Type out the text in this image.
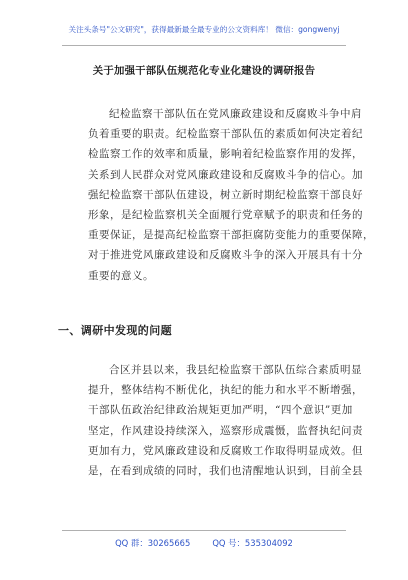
关注头条号"公文研究"，获得最新最全最专业的公文资料库！ 微信：gongwenyj
关于加强干部队伍规范化专业化建设的调研报告
纪检监察干部队伍在党风廉政建设和反腐败斗争中肩
负着重要的职责。纪检监察干部队伍的素质如何决定着纪
检监察工作的效率和质量，影响着纪检监察作用的发挥，
关系到人民群众对党风廉政建设和反腐败斗争的信心。加
强纪检监察干部队伍建设，树立新时期纪检监察干部良好
形象，是纪检监察机关全面履行党章赋予的职责和任务的
重要保证，是提高纪检监察干部拒腐防变能力的重要保障，
对于推进党风廉政建设和反腐败斗争的深入开展具有十分
重要的意义。
一、调研中发现的问题
合区并县以来，我县纪检监察干部队伍综合素质明显
提升，整体结构不断优化，执纪的能力和水平不断增强，
干部队伍政治纪律政治规矩更加严明，“四个意识”更加
坚定，作风建设持续深入，巡察形成震慑，监督执纪问责
更加有力，党风廉政建设和反腐败工作取得明显成效。但
是，在看到成绩的同时，我们也清醒地认识到，目前全县
QQ 群：30265665	QQ 号：535304092
